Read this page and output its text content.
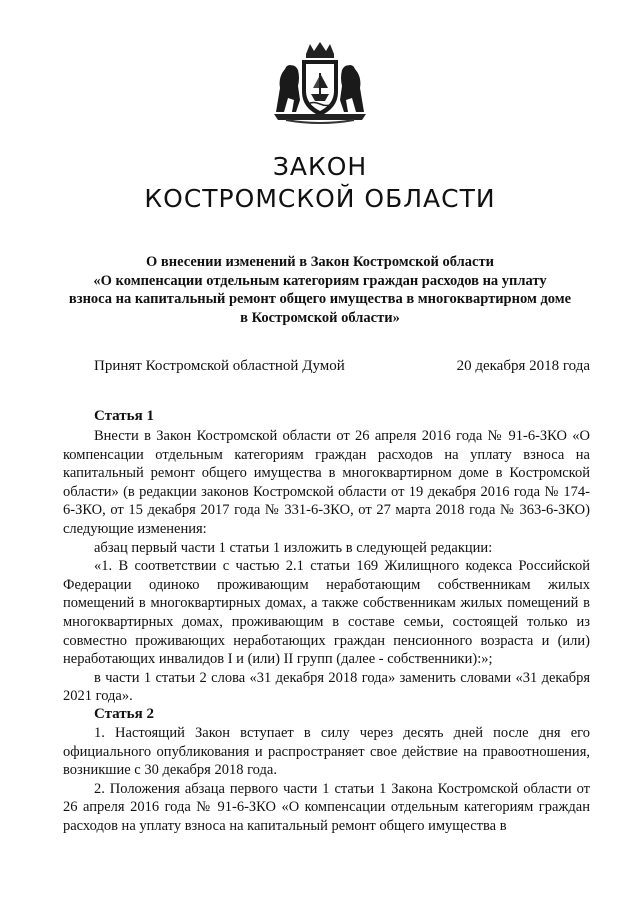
ЗАКОН
КОСТРОМСКОЙ ОБЛАСТИ
О внесении изменений в Закон Костромской области
«О компенсации отдельным категориям граждан расходов на уплату
взноса на капитальный ремонт общего имущества в многоквартирном доме
в Костромской области»
Принят Костромской областной Думой	20 декабря 2018 года
Статья 1

Внести в Закон Костромской области от 26 апреля 2016 года № 91-6-ЗКО «О компенсации отдельным категориям граждан расходов на уплату взноса на капитальный ремонт общего имущества в многоквартирном доме в Костромской области» (в редакции законов Костромской области от 19 декабря 2016 года № 174-6-ЗКО, от 15 декабря 2017 года № 331-6-ЗКО, от 27 марта 2018 года № 363-6-ЗКО) следующие изменения:

абзац первый части 1 статьи 1 изложить в следующей редакции:

«1. В соответствии с частью 2.1 статьи 169 Жилищного кодекса Российской Федерации одиноко проживающим неработающим собственникам жилых помещений в многоквартирных домах, а также собственникам жилых помещений в многоквартирных домах, проживающим в составе семьи, состоящей только из совместно проживающих неработающих граждан пенсионного возраста и (или) неработающих инвалидов I и (или) II групп (далее - собственники):»;

в части 1 статьи 2 слова «31 декабря 2018 года» заменить словами «31 декабря 2021 года».

Статья 2

1. Настоящий Закон вступает в силу через десять дней после дня его официального опубликования и распространяет свое действие на правоотношения, возникшие с 30 декабря 2018 года.

2. Положения абзаца первого части 1 статьи 1 Закона Костромской области от 26 апреля 2016 года № 91-6-ЗКО «О компенсации отдельным категориям граждан расходов на уплату взноса на капитальный ремонт общего имущества в
